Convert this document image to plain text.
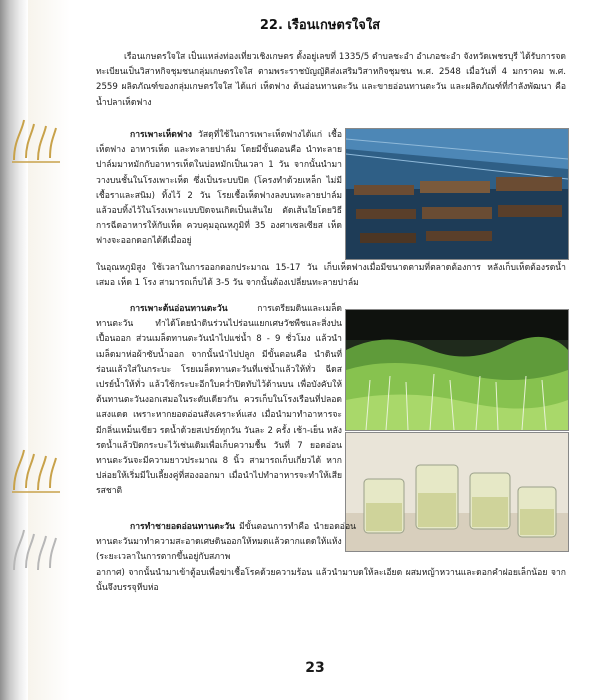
22. เรือนเกษตรใจใส

เรือนเกษตรใจใส เป็นแหล่งท่องเที่ยวเชิงเกษตร ตั้งอยู่เลขที่ 1335/5 ตำบลชะอำ อำเภอชะอำ จังหวัดเพชรบุรี ได้รับการจดทะเบียนเป็นวิสาหกิจชุมชนกลุ่มเกษตรใจใส ตามพระราชบัญญัติส่งเสริมวิสาหกิจชุมชน พ.ศ. 2548 เมื่อวันที่ 4 มกราคม พ.ศ. 2559 ผลิตภัณฑ์ของกลุ่มเกษตรใจใส ได้แก่ เห็ดฟาง ต้นอ่อนทานตะวัน และขายอ่อนทานตะวัน และผลิตภัณฑ์ที่กำลังพัฒนา คือ น้ำปลาเห็ดฟาง

การเพาะเห็ดฟาง วัสดุที่ใช้ในการเพาะเห็ดฟางได้แก่ เชื้อเห็ดฟาง อาหารเห็ด และทะลายปาล์ม โดยมีขั้นตอนคือ นำทะลายปาล์มมาหมักกับอาหารเห็ดในบ่อหมักเป็นเวลา 1 วัน จากนั้นนำมาวางบนชั้นในโรงเพาะเห็ด ซึ่งเป็นระบบปิด (โครงทำด้วยเหล็ก ไม่มีเชื้อราและสนิม) ทิ้งไว้ 2 วัน โรยเชื้อเห็ดฟางลงบนทะลายปาล์ม แล้วอบทิ้งไว้ในโรงเพาะแบบปิดจนเกิดเป็นเส้นใย ตัดเส้นใยโดยวิธีการฉีดอาหารให้กับเห็ด ควบคุมอุณหภูมิที่ 35 องศาเซลเซียส เห็ดฟางจะออกดอกได้ดีเมื่ออยู่

ในอุณหภูมิสูง ใช้เวลาในการออกดอกประมาณ 15-17 วัน เก็บเห็ดฟางเมื่อมีขนาดตามที่ตลาดต้องการ หลังเก็บเห็ดต้องรดน้ำเสมอ เห็ด 1 โรง สามารถเก็บได้ 3-5 วัน จากนั้นต้องเปลี่ยนทะลายปาล์ม

การเพาะต้นอ่อนทานตะวัน	การเตรียมดินและเมล็ดทานตะวัน ทำได้โดยนำดินร่วนไปร่อนแยกเศษวัชพืชและสิ่งปนเปื้อนออก ส่วนเมล็ดทานตะวันนำไปแช่น้ำ 8 - 9 ชั่วโมง แล้วนำเมล็ดมาห่อผ้าซับน้ำออก จากนั้นนำไปปลูก มีขั้นตอนคือ นำดินที่ร่อนแล้วใส่ในกระบะ โรยเมล็ดทานตะวันที่แช่น้ำแล้วให้ทั่ว ฉีดสเปรย์น้ำให้ทั่ว แล้วใช้กระบะอีกใบคว่ำปิดทับไว้ด้านบน เพื่อบังคับให้ต้นทานตะวันงอกเสมอในระดับเดียวกัน ควรเก็บในโรงเรือนที่ปลอดแสงแดด เพราะหากยอดอ่อนสังเคราะห์แสง เมื่อนำมาทำอาหารจะมีกลิ่นเหม็นเขียว รดน้ำด้วยสเปรย์ทุกวัน วันละ 2 ครั้ง เช้า-เย็น หลังรดน้ำแล้วปิดกระบะไว้เช่นเดิมเพื่อเก็บความชื้น วันที่ 7 ยอดอ่อนทานตะวันจะมีความยาวประมาณ 8 นิ้ว สามารถเก็บเกี่ยวได้ หากปล่อยให้เริ่มมีใบเลี้ยงคู่ที่สองออกมา เมื่อนำไปทำอาหารจะทำให้เสียรสชาติ

การทำชายอดอ่อนทานตะวัน มีขั้นตอนการทำคือ นำยอดอ่อนทานตะวันมาทำความสะอาดเศษดินออกให้หมดแล้วตากแดดให้แห้ง (ระยะเวลาในการตากขึ้นอยู่กับสภาพ

อากาศ) จากนั้นนำมาเข้าตู้อบเพื่อฆ่าเชื้อโรคด้วยความร้อน แล้วนำมาบดให้ละเอียด ผสมหญ้าหวานและดอกคำฝอยเล็กน้อย จากนั้นจึงบรรจุหีบห่อ

23
